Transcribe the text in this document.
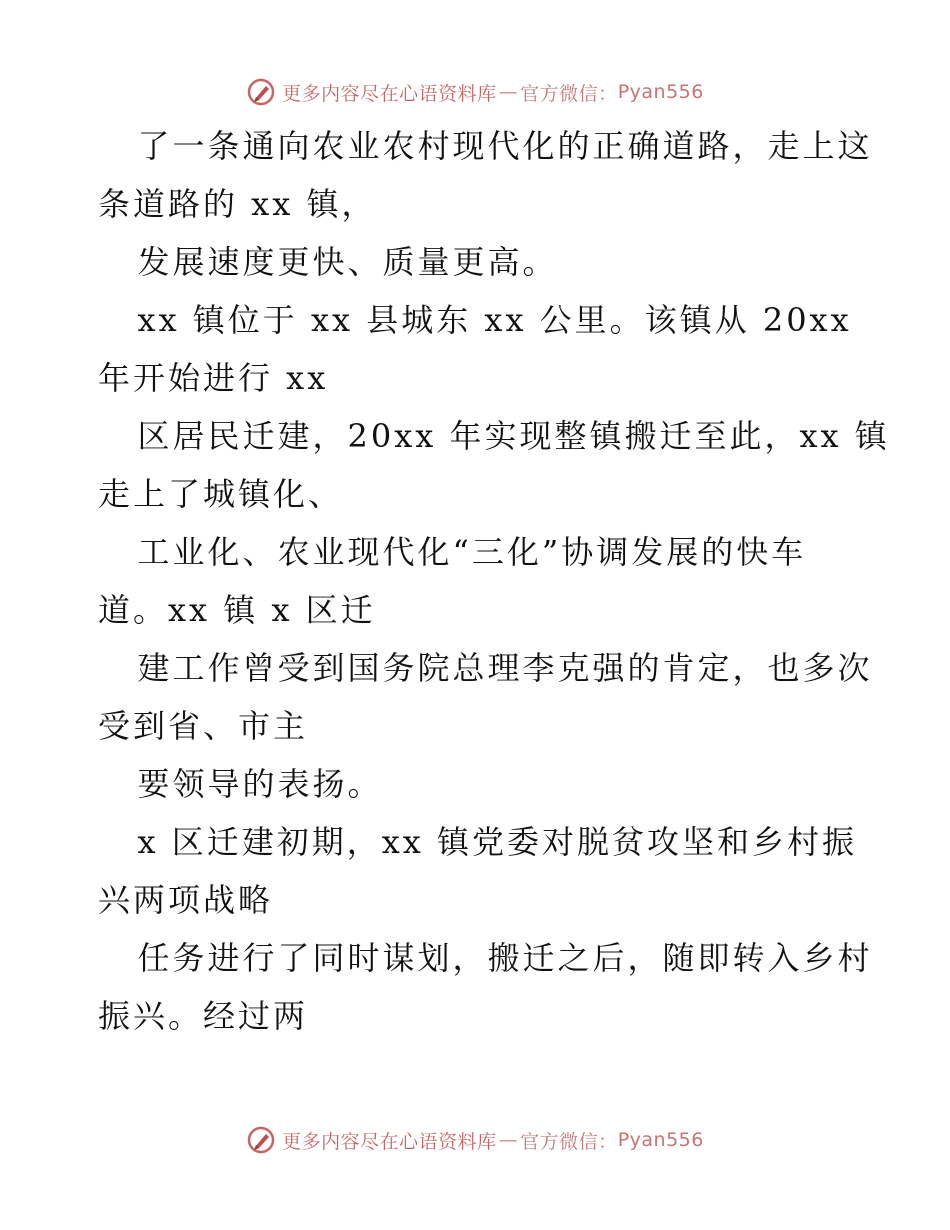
更多内容尽在心语资料库 — 官方微信： Pyan556

了一条通向农业农村现代化的正确道路，走上这

条道路的 xx 镇，

发展速度更快、质量更高。

xx 镇位于 xx 县城东 xx 公里。该镇从 20xx

年开始进行 xx

区居民迁建，20xx 年实现整镇搬迁至此，xx 镇

走上了城镇化、

工业化、农业现代化“三化”协调发展的快车

道。xx 镇 x 区迁

建工作曾受到国务院总理李克强的肯定，也多次

受到省、市主

要领导的表扬。

x 区迁建初期，xx 镇党委对脱贫攻坚和乡村振

兴两项战略

任务进行了同时谋划，搬迁之后，随即转入乡村

振兴。经过两

更多内容尽在心语资料库 — 官方微信： Pyan556
